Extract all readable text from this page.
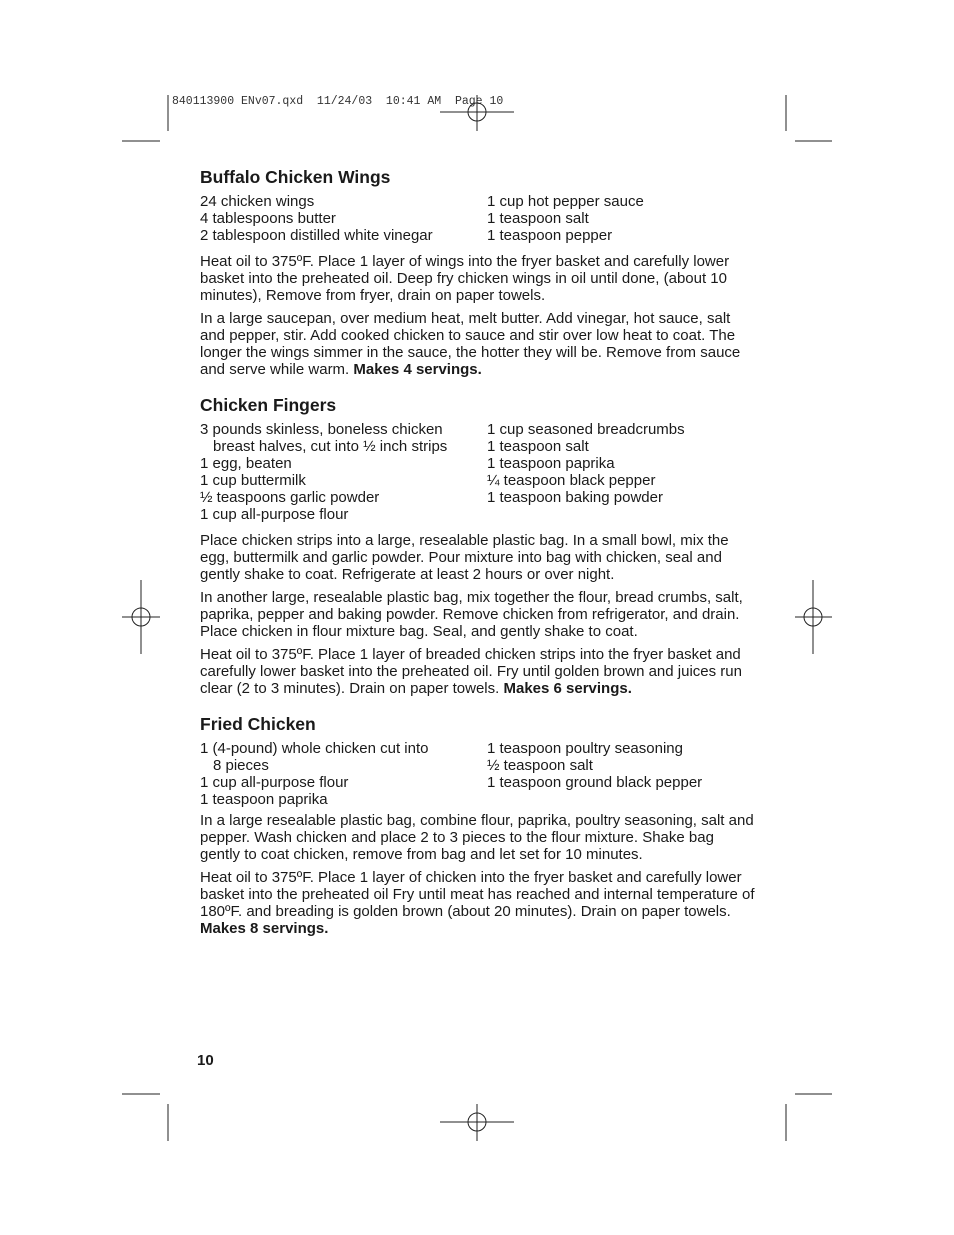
840113900 ENv07.qxd  11/24/03  10:41 AM  Page 10
Buffalo Chicken Wings
24 chicken wings
4 tablespoons butter
2 tablespoon distilled white vinegar
1 cup hot pepper sauce
1 teaspoon salt
1 teaspoon pepper

Heat oil to 375ºF. Place 1 layer of wings into the fryer basket and carefully lower basket into the preheated oil. Deep fry chicken wings in oil until done, (about 10 minutes), Remove from fryer, drain on paper towels.

In a large saucepan, over medium heat, melt butter. Add vinegar, hot sauce, salt and pepper, stir. Add cooked chicken to sauce and stir over low heat to coat. The longer the wings simmer in the sauce, the hotter they will be. Remove from sauce and serve while warm. Makes 4 servings.

Chicken Fingers
3 pounds skinless, boneless chicken
breast halves, cut into ½ inch strips
1 egg, beaten
1 cup buttermilk
½ teaspoons garlic powder
1 cup all-purpose flour
1 cup seasoned breadcrumbs
1 teaspoon salt
1 teaspoon paprika
¼ teaspoon black pepper
1 teaspoon baking powder

Place chicken strips into a large, resealable plastic bag. In a small bowl, mix the egg, buttermilk and garlic powder. Pour mixture into bag with chicken, seal and gently shake to coat. Refrigerate at least 2 hours or over night.

In another large, resealable plastic bag, mix together the flour, bread crumbs, salt, paprika, pepper and baking powder. Remove chicken from refrigerator, and drain. Place chicken in flour mixture bag. Seal, and gently shake to coat.

Heat oil to 375ºF. Place 1 layer of breaded chicken strips into the fryer basket and carefully lower basket into the preheated oil. Fry until golden brown and juices run clear (2 to 3 minutes). Drain on paper towels. Makes 6 servings.

Fried Chicken
1 (4-pound) whole chicken cut into
8 pieces
1 cup all-purpose flour
1 teaspoon paprika
1 teaspoon poultry seasoning
½ teaspoon salt
1 teaspoon ground black pepper

In a large resealable plastic bag, combine flour, paprika, poultry seasoning, salt and pepper. Wash chicken and place 2 to 3 pieces to the flour mixture. Shake bag gently to coat chicken, remove from bag and let set for 10 minutes.

Heat oil to 375ºF. Place 1 layer of chicken into the fryer basket and carefully lower basket into the preheated oil Fry until meat has reached and internal temperature of 180ºF. and breading is golden brown (about 20 minutes). Drain on paper towels. Makes 8 servings.

10
